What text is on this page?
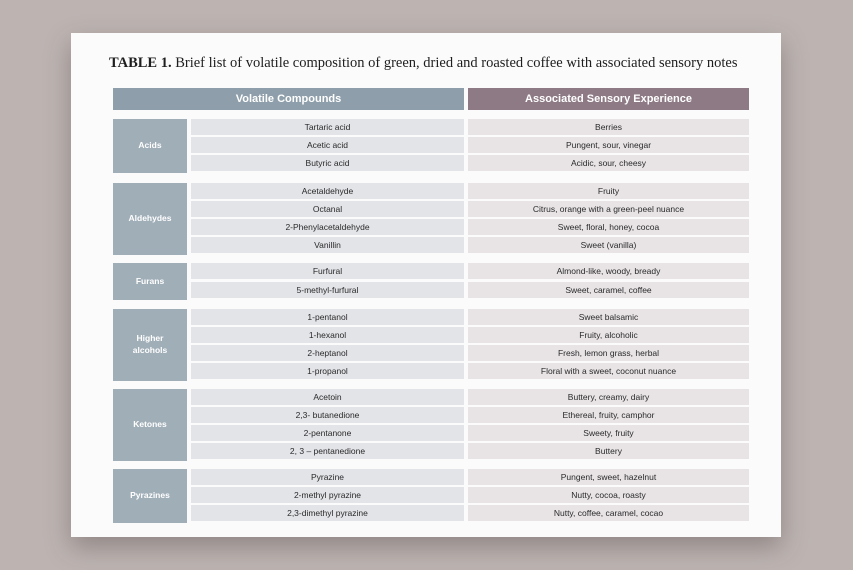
TABLE 1. Brief list of volatile composition of green, dried and roasted coffee with associated sensory notes
Volatile Compounds	Associated Sensory Experience
Acids
Tartaric acid	Berries
Acetic acid	Pungent, sour, vinegar
Butyric acid	Acidic, sour, cheesy
Aldehydes
Acetaldehyde	Fruity
Octanal	Citrus, orange with a green-peel nuance
2-Phenylacetaldehyde	Sweet, floral, honey, cocoa
Vanillin	Sweet (vanilla)
Furans
Furfural	Almond-like, woody, bready
5-methyl-furfural	Sweet, caramel, coffee
Higher alcohols
1-pentanol	Sweet balsamic
1-hexanol	Fruity, alcoholic
2-heptanol	Fresh, lemon grass, herbal
1-propanol	Floral with a sweet, coconut nuance
Ketones
Acetoin	Buttery, creamy, dairy
2,3- butanedione	Ethereal, fruity, camphor
2-pentanone	Sweety, fruity
2, 3 – pentanedione	Buttery
Pyrazines
Pyrazine	Pungent, sweet, hazelnut
2-methyl pyrazine	Nutty, cocoa, roasty
2,3-dimethyl pyrazine	Nutty, coffee, caramel, cocao
